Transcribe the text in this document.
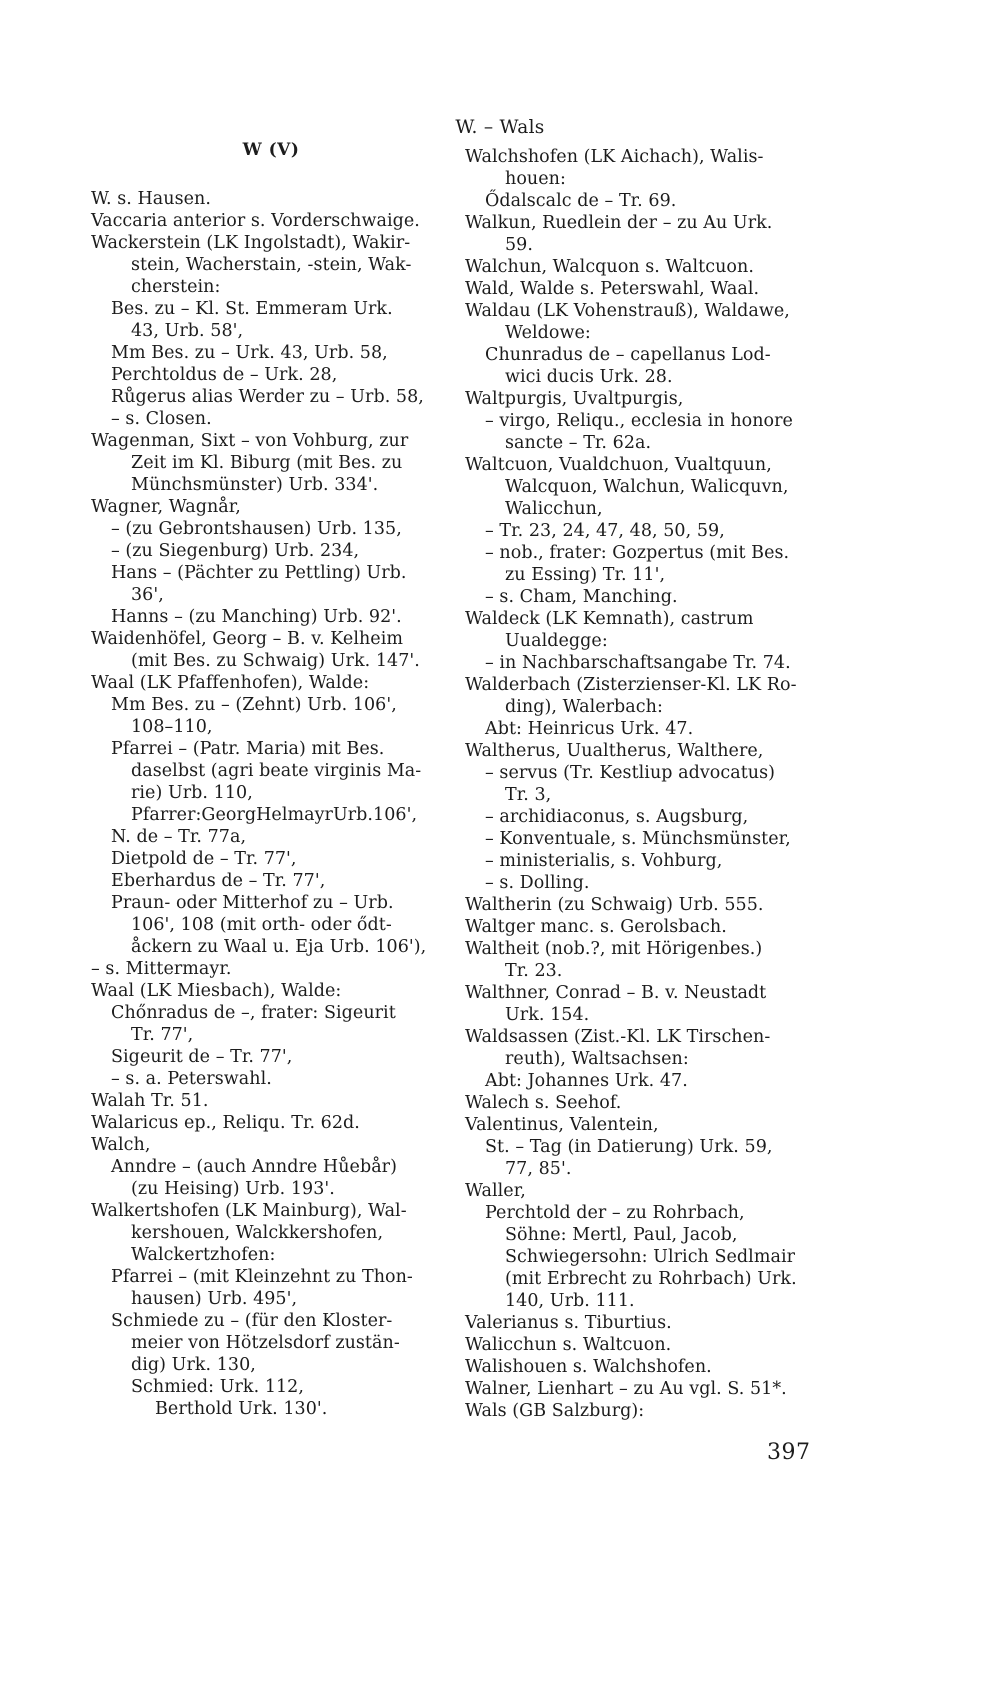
W. – Wals
W (V)
W. s. Hausen.
Vaccaria anterior s. Vorderschwaige.
Wackerstein (LK Ingolstadt), Wakir-
stein, Wacherstain, -stein, Wak-
cherstein:
Bes. zu – Kl. St. Emmeram Urk.
43, Urb. 58',
Mm Bes. zu – Urk. 43, Urb. 58,
Perchtoldus de – Urk. 28,
Růgerus alias Werder zu – Urb. 58,
– s. Closen.
Wagenman, Sixt – von Vohburg, zur
Zeit im Kl. Biburg (mit Bes. zu
Münchsmünster) Urb. 334'.
Wagner, Wagnår,
– (zu Gebrontshausen) Urb. 135,
– (zu Siegenburg) Urb. 234,
Hans – (Pächter zu Pettling) Urb.
36',
Hanns – (zu Manching) Urb. 92'.
Waidenhöfel, Georg – B. v. Kelheim
(mit Bes. zu Schwaig) Urk. 147'.
Waal (LK Pfaffenhofen), Walde:
Mm Bes. zu – (Zehnt) Urb. 106',
108–110,
Pfarrei – (Patr. Maria) mit Bes.
daselbst (agri beate virginis Ma-
rie) Urb. 110,
Pfarrer:GeorgHelmayrUrb.106',
N. de – Tr. 77a,
Dietpold de – Tr. 77',
Eberhardus de – Tr. 77',
Praun- oder Mitterhof zu – Urb.
106', 108 (mit orth- oder ődt-
åckern zu Waal u. Eja Urb. 106'),
– s. Mittermayr.
Waal (LK Miesbach), Walde:
Chőnradus de –, frater: Sigeurit
Tr. 77',
Sigeurit de – Tr. 77',
– s. a. Peterswahl.
Walah Tr. 51.
Walaricus ep., Reliqu. Tr. 62d.
Walch,
Anndre – (auch Anndre Hůebår)
(zu Heising) Urb. 193'.
Walkertshofen (LK Mainburg), Wal-
kershouen, Walckkershofen,
Walckertzhofen:
Pfarrei – (mit Kleinzehnt zu Thon-
hausen) Urb. 495',
Schmiede zu – (für den Kloster-
meier von Hötzelsdorf zustän-
dig) Urk. 130,
Schmied: Urk. 112,
Berthold Urk. 130'.
Walchshofen (LK Aichach), Walis-
houen:
Ődalscalc de – Tr. 69.
Walkun, Ruedlein der – zu Au Urk.
59.
Walchun, Walcquon s. Waltcuon.
Wald, Walde s. Peterswahl, Waal.
Waldau (LK Vohenstrauß), Waldawe,
Weldowe:
Chunradus de – capellanus Lod-
wici ducis Urk. 28.
Waltpurgis, Uvaltpurgis,
– virgo, Reliqu., ecclesia in honore
sancte – Tr. 62a.
Waltcuon, Vualdchuon, Vualtquun,
Walcquon, Walchun, Walicquvn,
Walicchun,
– Tr. 23, 24, 47, 48, 50, 59,
– nob., frater: Gozpertus (mit Bes.
zu Essing) Tr. 11',
– s. Cham, Manching.
Waldeck (LK Kemnath), castrum
Uualdegge:
– in Nachbarschaftsangabe Tr. 74.
Walderbach (Zisterzienser-Kl. LK Ro-
ding), Walerbach:
Abt: Heinricus Urk. 47.
Waltherus, Uualtherus, Walthere,
– servus (Tr. Kestliup advocatus)
Tr. 3,
– archidiaconus, s. Augsburg,
– Konventuale, s. Münchsmünster,
– ministerialis, s. Vohburg,
– s. Dolling.
Waltherin (zu Schwaig) Urb. 555.
Waltger manc. s. Gerolsbach.
Waltheit (nob.?, mit Hörigenbes.)
Tr. 23.
Walthner, Conrad – B. v. Neustadt
Urk. 154.
Waldsassen (Zist.-Kl. LK Tirschen-
reuth), Waltsachsen:
Abt: Johannes Urk. 47.
Walech s. Seehof.
Valentinus, Valentein,
St. – Tag (in Datierung) Urk. 59,
77, 85'.
Waller,
Perchtold der – zu Rohrbach,
Söhne: Mertl, Paul, Jacob,
Schwiegersohn: Ulrich Sedlmair
(mit Erbrecht zu Rohrbach) Urk.
140, Urb. 111.
Valerianus s. Tiburtius.
Walicchun s. Waltcuon.
Walishouen s. Walchshofen.
Walner, Lienhart – zu Au vgl. S. 51*.
Wals (GB Salzburg):
397
